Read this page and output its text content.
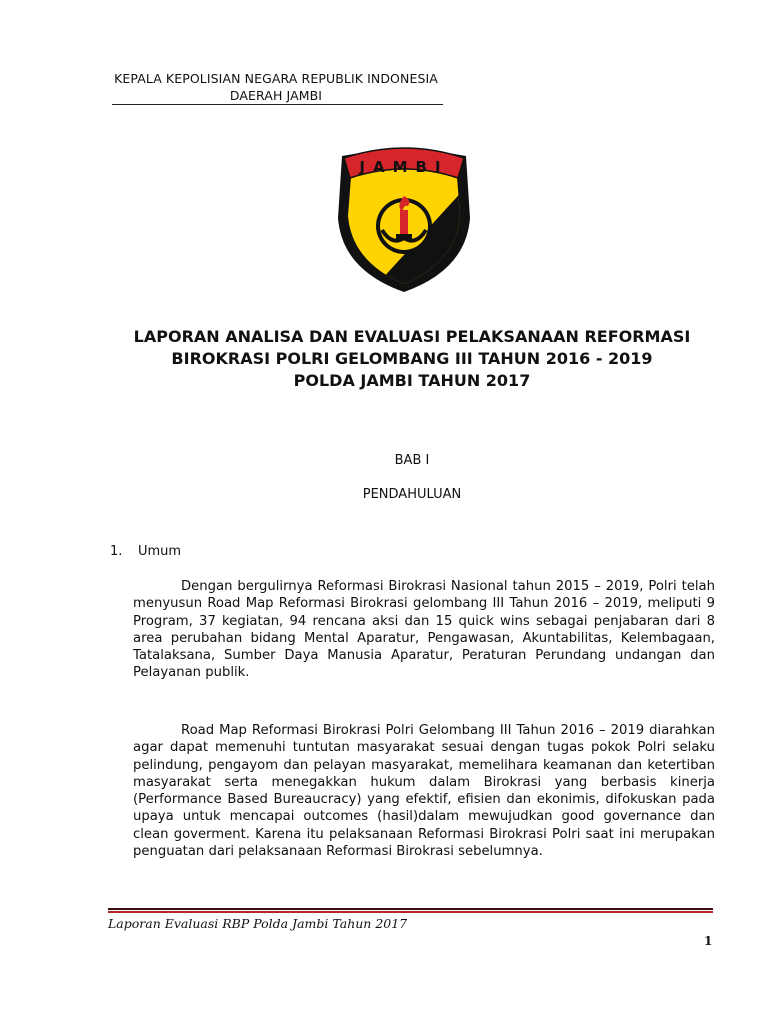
KEPALA KEPOLISIAN NEGARA REPUBLIK INDONESIA
DAERAH JAMBI
JAMBI
LAPORAN ANALISA DAN EVALUASI PELAKSANAAN REFORMASI
BIROKRASI POLRI GELOMBANG III TAHUN 2016 - 2019
POLDA JAMBI TAHUN 2017
BAB I
PENDAHULUAN
1. Umum

Dengan bergulirnya Reformasi Birokrasi Nasional tahun 2015 – 2019, Polri telah menyusun Road Map Reformasi Birokrasi gelombang III Tahun 2016 – 2019, meliputi 9 Program, 37 kegiatan, 94 rencana aksi dan 15 quick wins sebagai penjabaran dari 8 area perubahan bidang Mental Aparatur, Pengawasan, Akuntabilitas, Kelembagaan, Tatalaksana, Sumber Daya Manusia Aparatur, Peraturan Perundang undangan dan Pelayanan publik.

Road Map Reformasi Birokrasi Polri Gelombang III Tahun 2016 – 2019 diarahkan agar dapat memenuhi tuntutan masyarakat sesuai dengan tugas pokok Polri selaku pelindung, pengayom dan pelayan masyarakat, memelihara keamanan dan ketertiban masyarakat serta menegakkan hukum dalam Birokrasi yang berbasis kinerja (Performance Based Bureaucracy) yang efektif, efisien dan ekonimis, difokuskan pada upaya untuk mencapai outcomes (hasil)dalam mewujudkan good governance dan clean goverment. Karena itu pelaksanaan Reformasi Birokrasi Polri saat ini merupakan penguatan dari pelaksanaan Reformasi Birokrasi sebelumnya.

Laporan Evaluasi RBP Polda Jambi Tahun 2017
1
